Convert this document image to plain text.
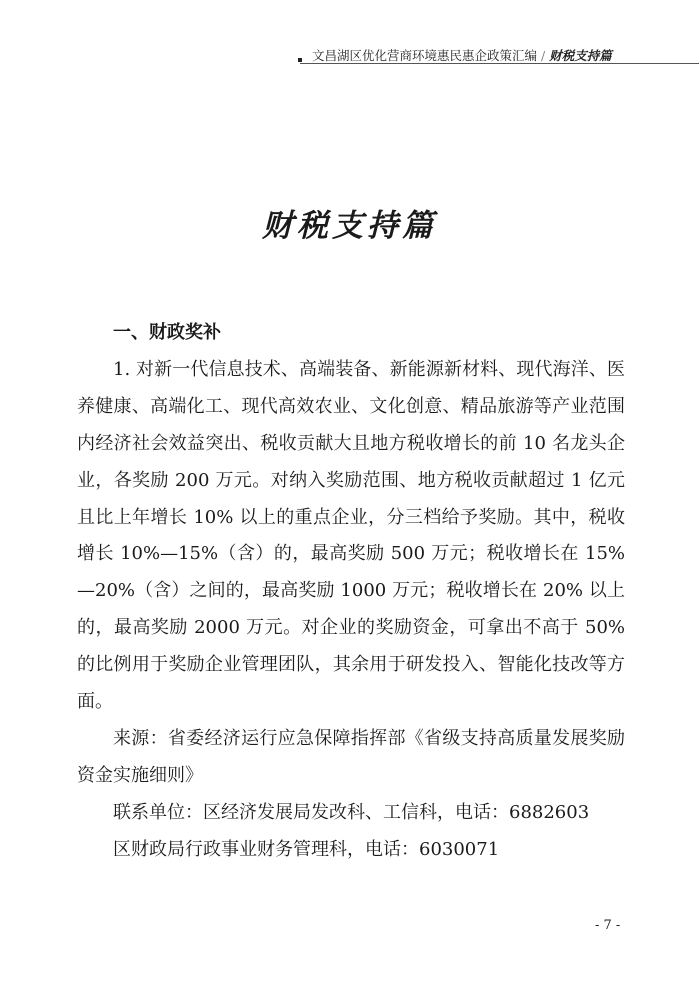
文昌湖区优化营商环境惠民惠企政策汇编 / 财税支持篇
财税支持篇

一、财政奖补

1. 对新一代信息技术、高端装备、新能源新材料、现代海洋、医养健康、高端化工、现代高效农业、文化创意、精品旅游等产业范围内经济社会效益突出、税收贡献大且地方税收增长的前 10 名龙头企业，各奖励 200 万元。对纳入奖励范围、地方税收贡献超过 1 亿元且比上年增长 10% 以上的重点企业，分三档给予奖励。其中，税收增长 10%—15%（含）的，最高奖励 500 万元；税收增长在 15%—20%（含）之间的，最高奖励 1000 万元；税收增长在 20% 以上的，最高奖励 2000 万元。对企业的奖励资金，可拿出不高于 50% 的比例用于奖励企业管理团队，其余用于研发投入、智能化技改等方面。

来源：省委经济运行应急保障指挥部《省级支持高质量发展奖励资金实施细则》

联系单位：区经济发展局发改科、工信科，电话：6882603

区财政局行政事业财务管理科，电话：6030071

- 7 -
